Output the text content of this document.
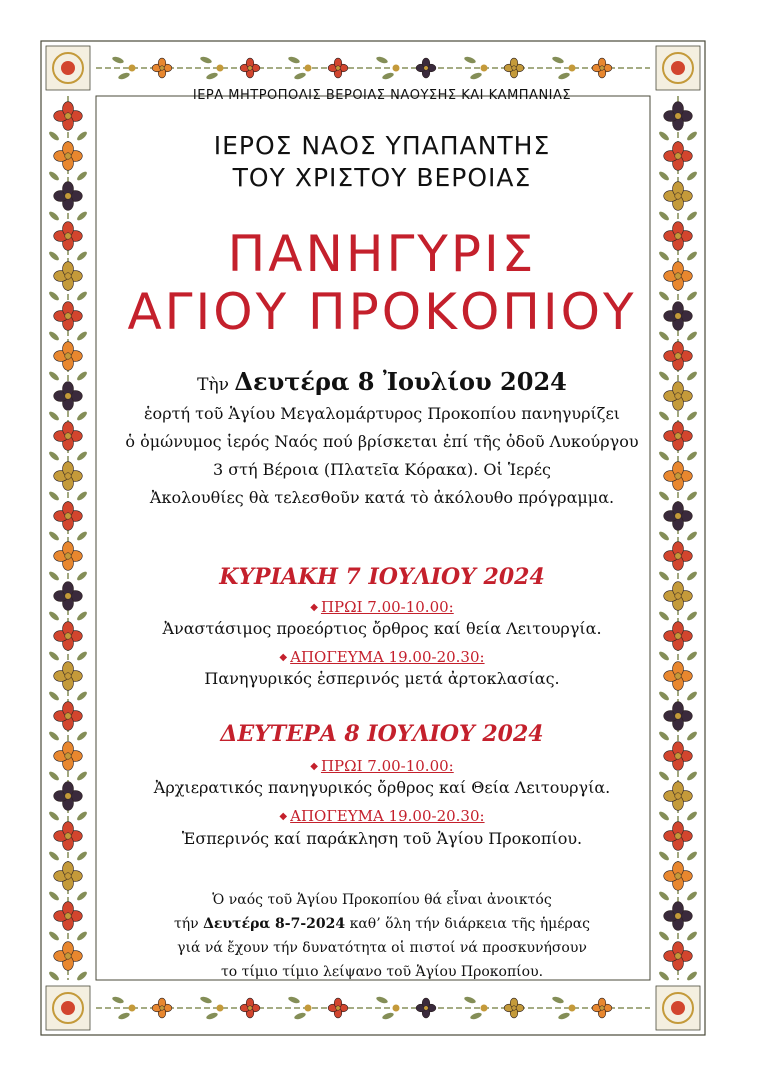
ΙΕΡΑ ΜΗΤΡΟΠΟΛΙΣ ΒΕΡΟΙΑΣ ΝΑΟΥΣΗΣ ΚΑΙ ΚΑΜΠΑΝΙΑΣ
ΙΕΡΟΣ ΝΑΟΣ ΥΠΑΠΑΝΤΗΣ
ΤΟΥ ΧΡΙΣΤΟΥ ΒΕΡΟΙΑΣ
ΠΑΝΗΓΥΡΙΣ
ΑΓΙΟΥ ΠΡΟΚΟΠΙΟΥ
Τὴν Δευτέρα 8 Ἰουλίου 2024
ἑορτή τοῦ Ἁγίου Μεγαλομάρτυρος Προκοπίου πανηγυρίζει
ὁ ὁμώνυμος ἱερός Ναός πού βρίσκεται ἐπί τῆς ὁδοῦ Λυκούργου
3 στή Βέροια (Πλατεῖα Κόρακα). Οἱ Ἱερές
Ἀκολουθίες θὰ τελεσθοῦν κατά τὸ ἀκόλουθο πρόγραμμα.
ΚΥΡΙΑΚΗ 7 ΙΟΥΛΙΟΥ 2024
◆ ΠΡΩΙ 7.00-10.00:
Ἀναστάσιμος προεόρτιος ὄρθρος καί θεία Λειτουργία.
◆ ΑΠΟΓΕΥΜΑ 19.00-20.30:
Πανηγυρικός ἑσπερινός μετά ἀρτοκλασίας.
ΔΕΥΤΕΡΑ 8 ΙΟΥΛΙΟΥ 2024
◆ ΠΡΩΙ 7.00-10.00:
Ἀρχιερατικός πανηγυρικός ὄρθρος καί Θεία Λειτουργία.
◆ ΑΠΟΓΕΥΜΑ 19.00-20.30:
Ἑσπερινός καί παράκληση τοῦ Ἁγίου Προκοπίου.
Ὁ ναός τοῦ Ἁγίου Προκοπίου θά εἶναι ἀνοικτός
τήν Δευτέρα 8-7-2024 καθ’ ὅλη τήν διάρκεια τῆς ἡμέρας
γιά νά ἔχουν τήν δυνατότητα οἱ πιστοί νά προσκυνήσουν
το τίμιο τίμιο λείψανο τοῦ Ἁγίου Προκοπίου.
